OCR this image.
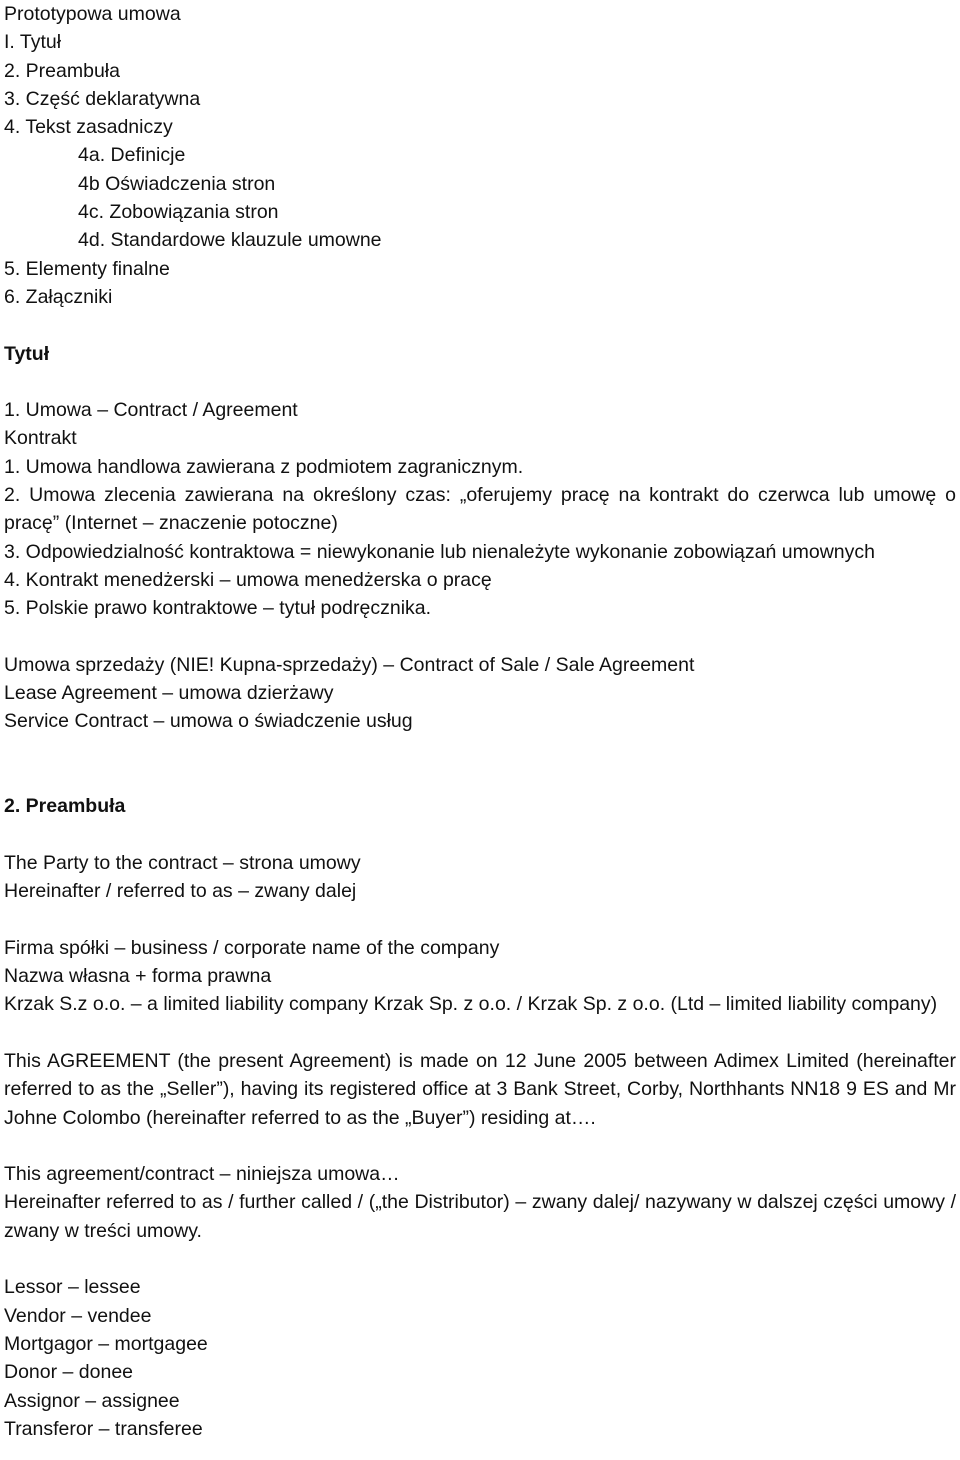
Prototypowa umowa
I. Tytuł
2. Preambuła
3. Część deklaratywna
4. Tekst zasadniczy
4a. Definicje
4b Oświadczenia stron
4c. Zobowiązania stron
4d. Standardowe klauzule umowne
5. Elementy finalne
6. Załączniki
Tytuł
1. Umowa – Contract / Agreement
Kontrakt
1. Umowa handlowa zawierana z podmiotem zagranicznym.
2. Umowa zlecenia zawierana na określony czas: „oferujemy pracę na kontrakt do czerwca lub umowę o pracę” (Internet – znaczenie potoczne)
3. Odpowiedzialność kontraktowa = niewykonanie lub nienależyte wykonanie zobowiązań umownych
4. Kontrakt menedżerski – umowa menedżerska o pracę
5. Polskie prawo kontraktowe – tytuł podręcznika.
Umowa sprzedaży (NIE! Kupna-sprzedaży) – Contract of Sale / Sale Agreement
Lease Agreement – umowa dzierżawy
Service Contract – umowa o świadczenie usług
2. Preambuła
The Party to the contract – strona umowy
Hereinafter / referred to as – zwany dalej
Firma spółki – business / corporate name of the company
Nazwa własna + forma prawna
Krzak S.z o.o. – a limited liability company Krzak Sp. z o.o. / Krzak Sp. z o.o. (Ltd – limited liability company)
This AGREEMENT (the present Agreement) is made on 12 June 2005 between Adimex Limited (hereinafter referred to as the „Seller”), having its registered office at 3 Bank Street, Corby, Northhants NN18 9 ES and Mr Johne Colombo (hereinafter referred to as the „Buyer”) residing at….
This agreement/contract – niniejsza umowa…
Hereinafter referred to as / further called / („the Distributor) – zwany dalej/ nazywany w dalszej części umowy / zwany w treści umowy.
Lessor – lessee
Vendor – vendee
Mortgagor – mortgagee
Donor – donee
Assignor – assignee
Transferor – transferee
